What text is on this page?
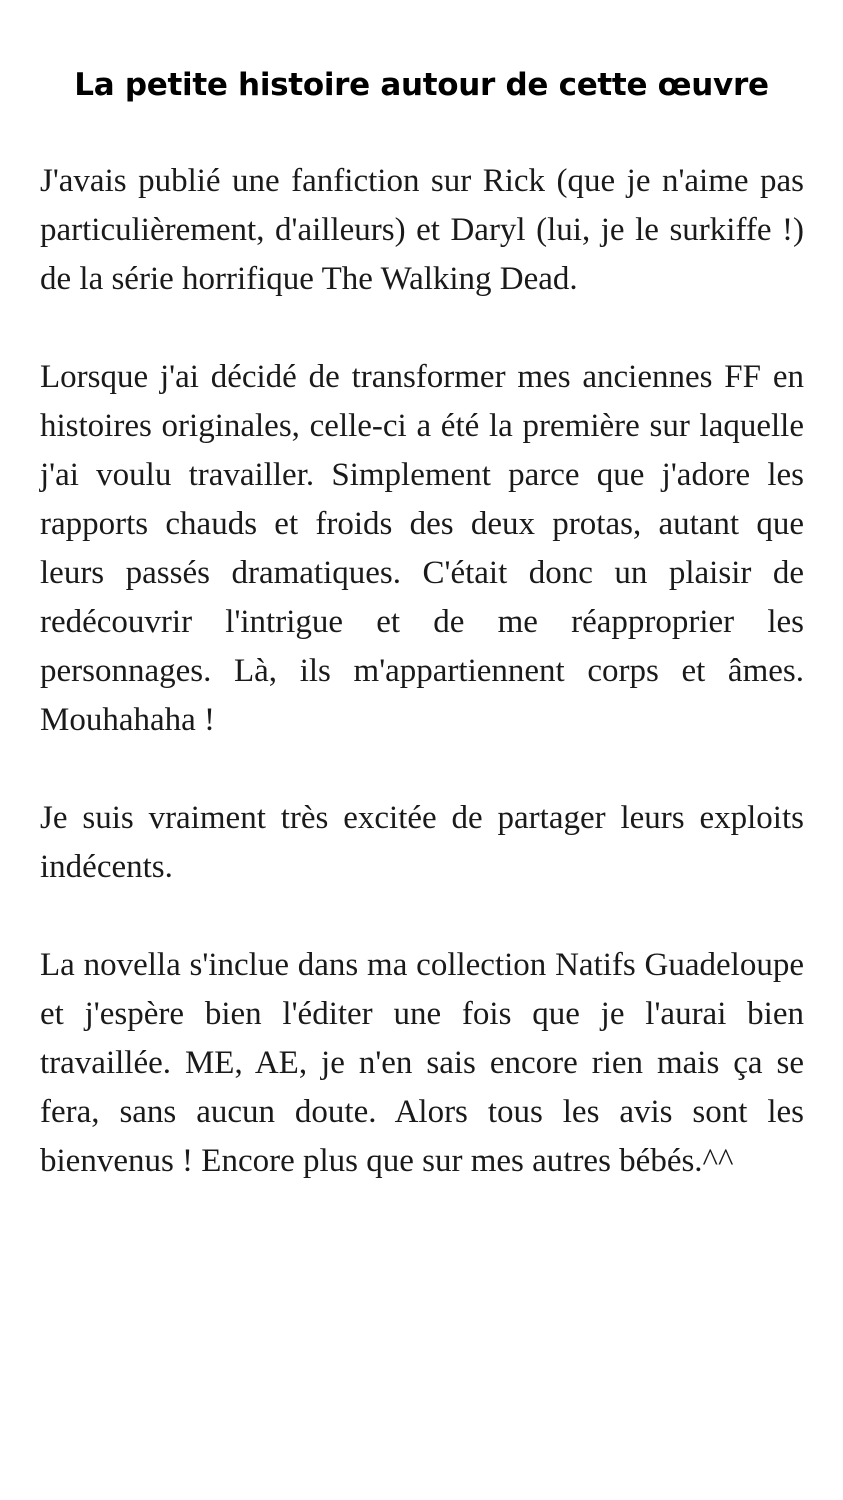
La petite histoire autour de cette œuvre

J'avais publié une fanfiction sur Rick (que je n'aime pas particulièrement, d'ailleurs) et Daryl (lui, je le surkiffe !) de la série horrifique The Walking Dead.

Lorsque j'ai décidé de transformer mes anciennes FF en histoires originales, celle-ci a été la première sur laquelle j'ai voulu travailler. Simplement parce que j'adore les rapports chauds et froids des deux protas, autant que leurs passés dramatiques. C'était donc un plaisir de redécouvrir l'intrigue et de me réapproprier les personnages. Là, ils m'appartiennent corps et âmes. Mouhahaha !

Je suis vraiment très excitée de partager leurs exploits indécents.

La novella s'inclue dans ma collection Natifs Guadeloupe et j'espère bien l'éditer une fois que je l'aurai bien travaillée. ME, AE, je n'en sais encore rien mais ça se fera, sans aucun doute. Alors tous les avis sont les bienvenus ! Encore plus que sur mes autres bébés.^^
